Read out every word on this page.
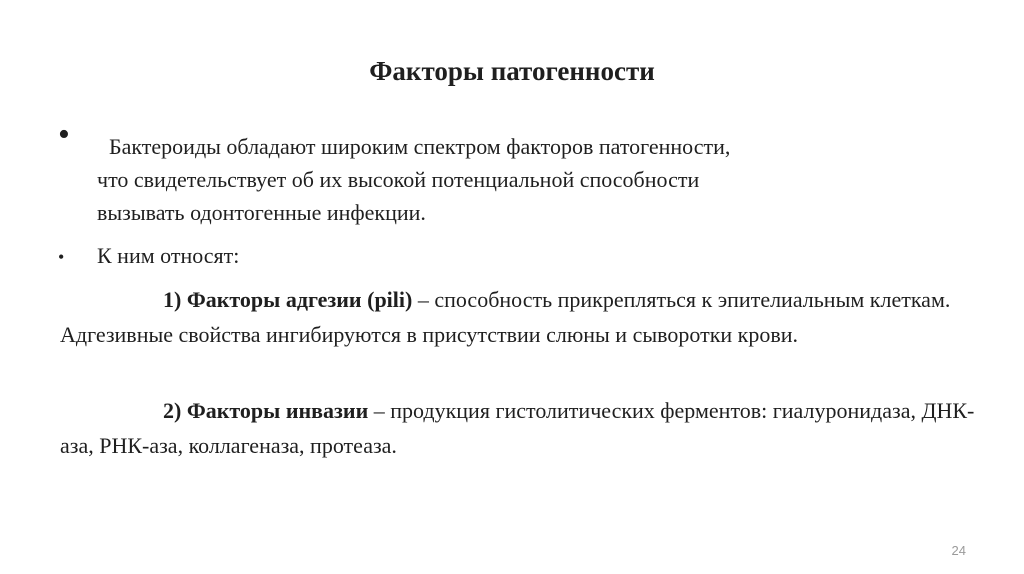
Факторы патогенности
•	Бактероиды обладают широким спектром факторов патогенности,
что свидетельствует об их высокой потенциальной способности
вызывать одонтогенные инфекции.
• К ним относят:
1) Факторы адгезии (pili) – способность прикрепляться к эпителиальным клеткам. Адгезивные свойства ингибируются в присутствии слюны и сыворотки крови.
2) Факторы инвазии – продукция гистолитических ферментов: гиалуронидаза, ДНК-аза, РНК-аза, коллагеназа, протеаза.
24
